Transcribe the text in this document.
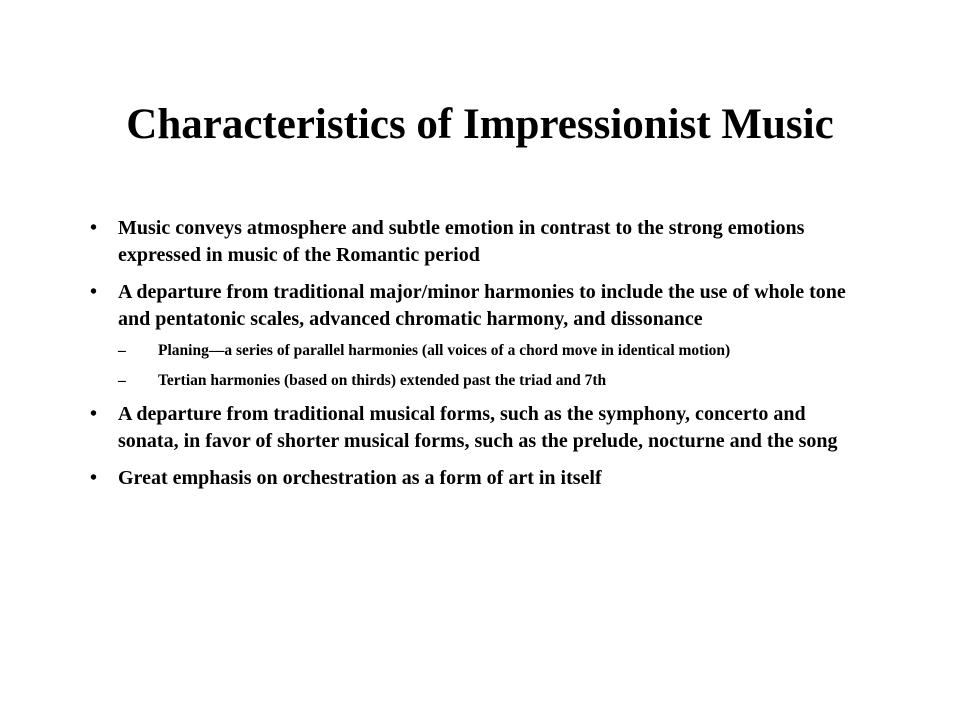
Characteristics of Impressionist Music
• Music conveys atmosphere and subtle emotion in contrast to the strong emotions expressed in music of the Romantic period
• A departure from traditional major/minor harmonies to include the use of whole tone and pentatonic scales, advanced chromatic harmony, and dissonance
– Planing—a series of parallel harmonies (all voices of a chord move in identical motion)
– Tertian harmonies (based on thirds) extended past the triad and 7th
• A departure from traditional musical forms, such as the symphony, concerto and sonata, in favor of shorter musical forms, such as the prelude, nocturne and the song
• Great emphasis on orchestration as a form of art in itself
